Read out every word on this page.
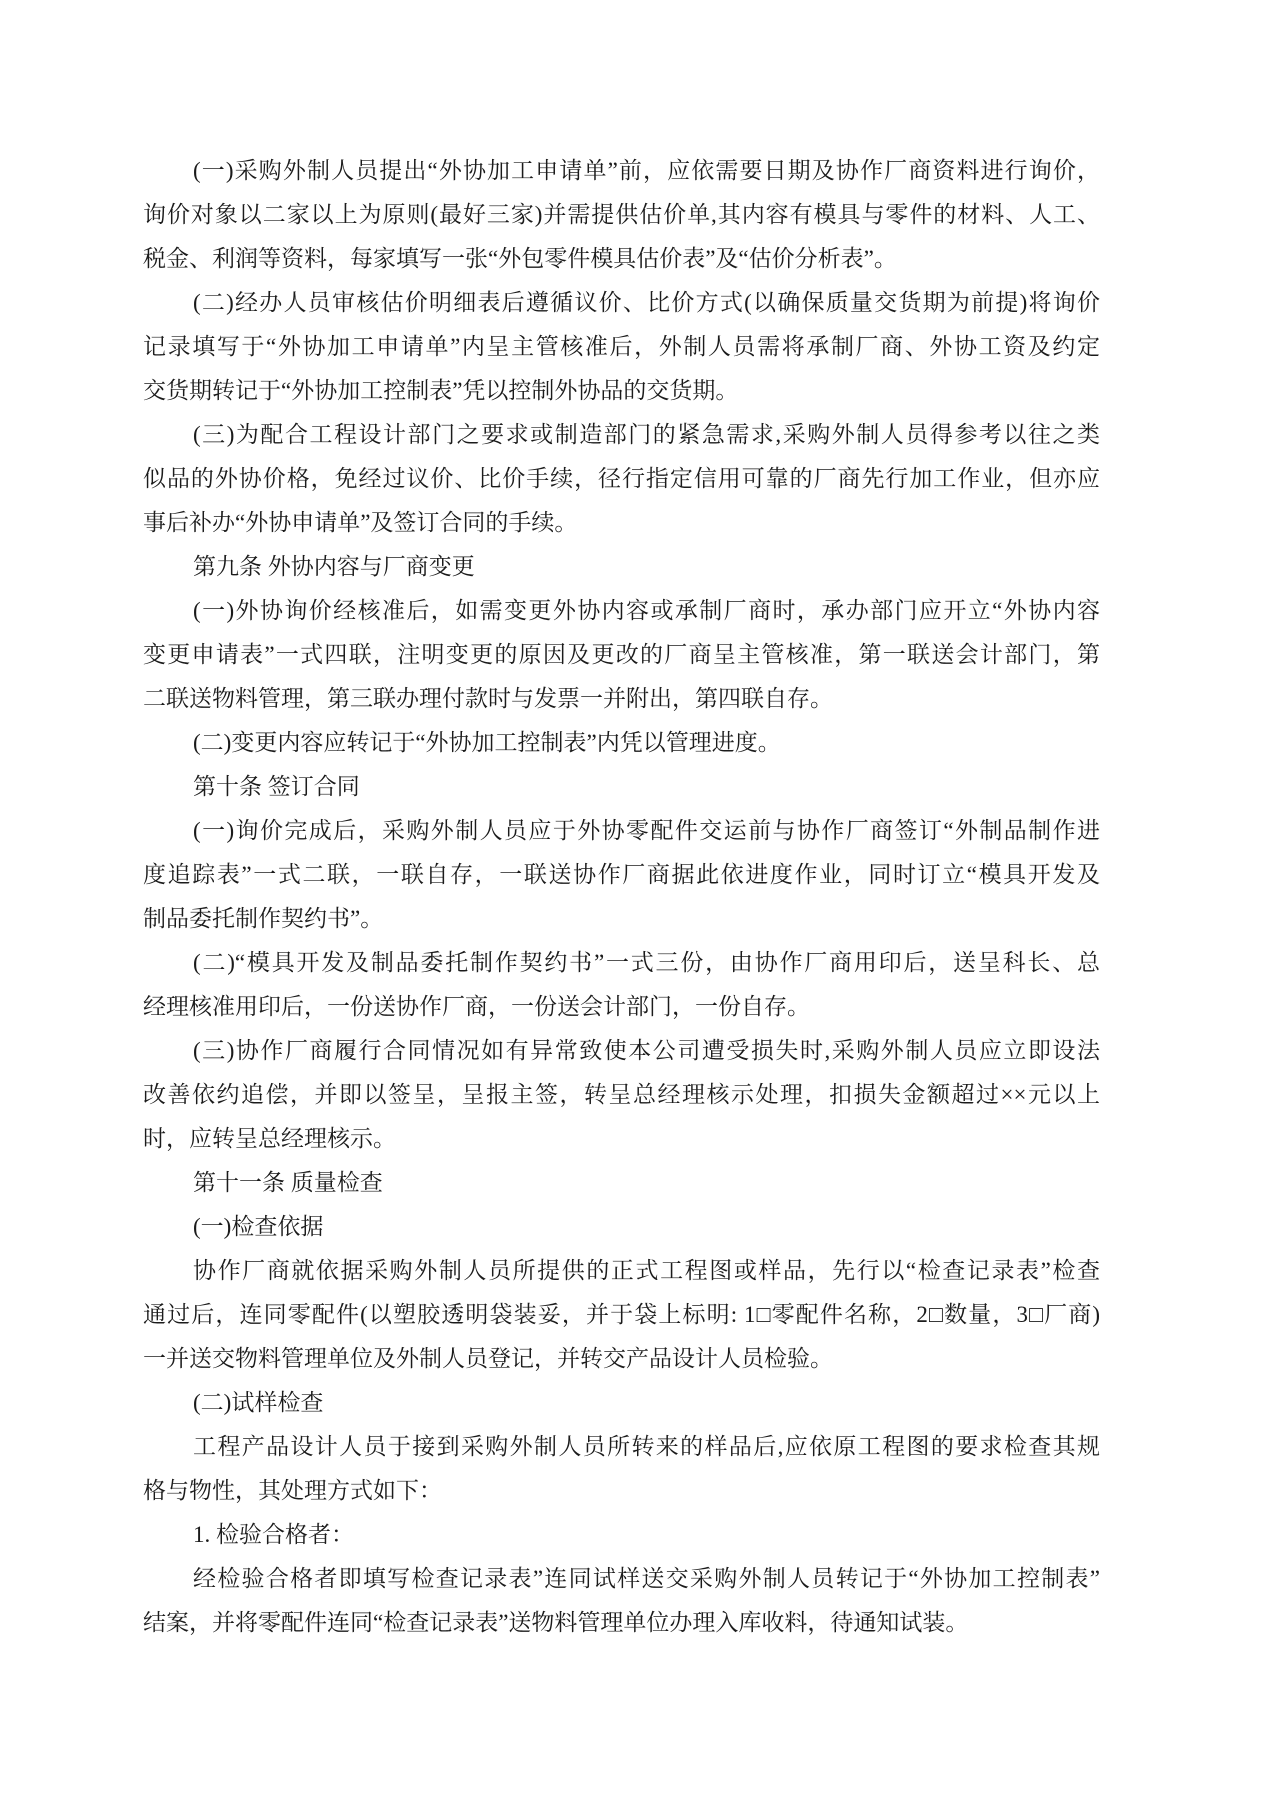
(一)采购外制人员提出“外协加工申请单”前，应依需要日期及协作厂商资料进行询价，
询价对象以二家以上为原则(最好三家)并需提供估价单,其内容有模具与零件的材料、人工、
税金、利润等资料，每家填写一张“外包零件模具估价表”及“估价分析表”。
(二)经办人员审核估价明细表后遵循议价、比价方式(以确保质量交货期为前提)将询价
记录填写于“外协加工申请单”内呈主管核准后，外制人员需将承制厂商、外协工资及约定
交货期转记于“外协加工控制表”凭以控制外协品的交货期。
(三)为配合工程设计部门之要求或制造部门的紧急需求,采购外制人员得参考以往之类
似品的外协价格，免经过议价、比价手续，径行指定信用可靠的厂商先行加工作业，但亦应
事后补办“外协申请单”及签订合同的手续。
第九条 外协内容与厂商变更
(一)外协询价经核准后，如需变更外协内容或承制厂商时，承办部门应开立“外协内容
变更申请表”一式四联，注明变更的原因及更改的厂商呈主管核准，第一联送会计部门，第
二联送物料管理，第三联办理付款时与发票一并附出，第四联自存。
(二)变更内容应转记于“外协加工控制表”内凭以管理进度。
第十条 签订合同
(一)询价完成后，采购外制人员应于外协零配件交运前与协作厂商签订“外制品制作进
度追踪表”一式二联，一联自存，一联送协作厂商据此依进度作业，同时订立“模具开发及
制品委托制作契约书”。
(二)“模具开发及制品委托制作契约书”一式三份，由协作厂商用印后，送呈科长、总
经理核准用印后，一份送协作厂商，一份送会计部门，一份自存。
(三)协作厂商履行合同情况如有异常致使本公司遭受损失时,采购外制人员应立即设法
改善依约追偿，并即以签呈，呈报主签，转呈总经理核示处理，扣损失金额超过××元以上
时，应转呈总经理核示。
第十一条 质量检查
(一)检查依据
协作厂商就依据采购外制人员所提供的正式工程图或样品，先行以“检查记录表”检查
通过后，连同零配件(以塑胶透明袋装妥，并于袋上标明: 1□零配件名称，2□数量，3□厂商)
一并送交物料管理单位及外制人员登记，并转交产品设计人员检验。
(二)试样检查
工程产品设计人员于接到采购外制人员所转来的样品后,应依原工程图的要求检查其规
格与物性，其处理方式如下：
1. 检验合格者：
经检验合格者即填写检查记录表”连同试样送交采购外制人员转记于“外协加工控制表”
结案，并将零配件连同“检查记录表”送物料管理单位办理入库收料，待通知试装。
